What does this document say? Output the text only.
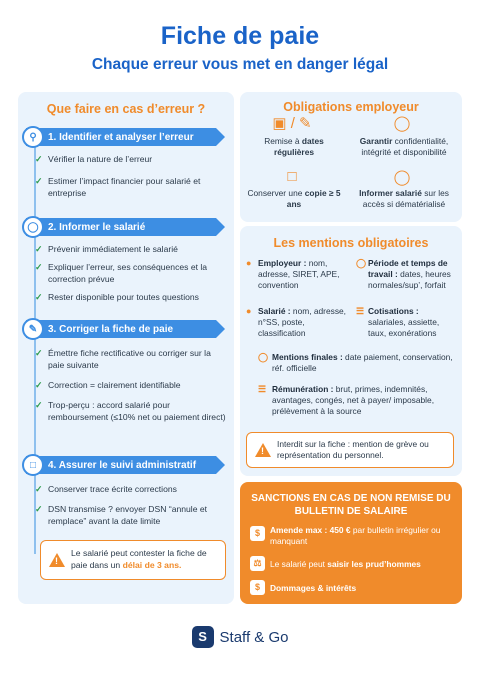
Fiche de paie
Chaque erreur vous met en danger légal
Que faire en cas d’erreur ?
⚲	1. Identifier et analyser l’erreur
✓ Vérifier la nature de l’erreur
✓ Estimer l’impact financier pour salarié et entreprise
◯ 2. Informer le salarié
✓ Prévenir immédiatement le salarié
✓ Expliquer l’erreur, ses conséquences et la correction prévue
✓ Rester disponible pour toutes questions
✎	3. Corriger la fiche de paie
✓ Émettre fiche rectificative ou corriger sur la paie suivante
✓ Correction = clairement identifiable
✓ Trop-perçu : accord salarié pour remboursement (≤10% net ou paiement direct)
□	4. Assurer le suivi administratif
✓ Conserver trace écrite corrections
✓ DSN transmise ? envoyer DSN “annule et remplace” avant la date limite
!
Le salarié peut contester la fiche de paie dans un délai de 3 ans.
Obligations employeur
▣ / ✎
Remise à dates régulières
◯
Garantir confidentialité, intégrité et disponibilité
□
Conserver une copie ≥ 5 ans
◯
Informer salarié sur les accès si dématérialisé
Les mentions obligatoires
● Employeur : nom, adresse, SIRET, APE, convention
◯ Période et temps de travail : dates, heures normales/sup’, forfait
● Salarié : nom, adresse, n°SS, poste, classification
☰ Cotisations : salariales, assiette, taux, exonérations
◯ Mentions finales : date paiement, conservation, réf. officielle
☰ Rémunération : brut, primes, indemnités, avantages, congés, net à payer/ imposable, prélèvement à la source
!
Interdit sur la fiche : mention de grève ou représentation du personnel.
SANCTIONS EN CAS DE NON REMISE DU BULLETIN DE SALAIRE
$	Amende max : 450 € par bulletin irrégulier ou manquant
⚖	Le salarié peut saisir les prud’hommes
$	Dommages & intérêts
S Staff & Go
